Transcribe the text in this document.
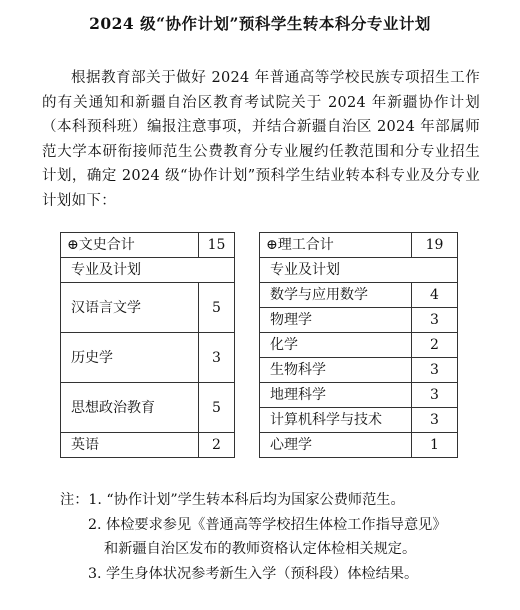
2024 级“协作计划”预科学生转本科分专业计划
根据教育部关于做好 2024 年普通高等学校民族专项招生工作的有关通知和新疆自治区教育考试院关于 2024 年新疆协作计划（本科预科班）编报注意事项，并结合新疆自治区 2024 年部属师范大学本研衔接师范生公费教育分专业履约任教范围和分专业招生计划，确定 2024 级“协作计划”预科学生结业转本科专业及分专业计划如下：
⊕文史合计	15		⊕理工合计	19
专业及计划			专业及计划	
汉语言文学	5		数学与应用数学	4
			物理学	3
历史学	3		化学	2
			生物科学	3
思想政治教育	5		地理科学	3
			计算机科学与技术	3
英语	2		心理学	1
注：1. “协作计划”学生转本科后均为国家公费师范生。
2. 体检要求参见《普通高等学校招生体检工作指导意见》
和新疆自治区发布的教师资格认定体检相关规定。
3. 学生身体状况参考新生入学（预科段）体检结果。
